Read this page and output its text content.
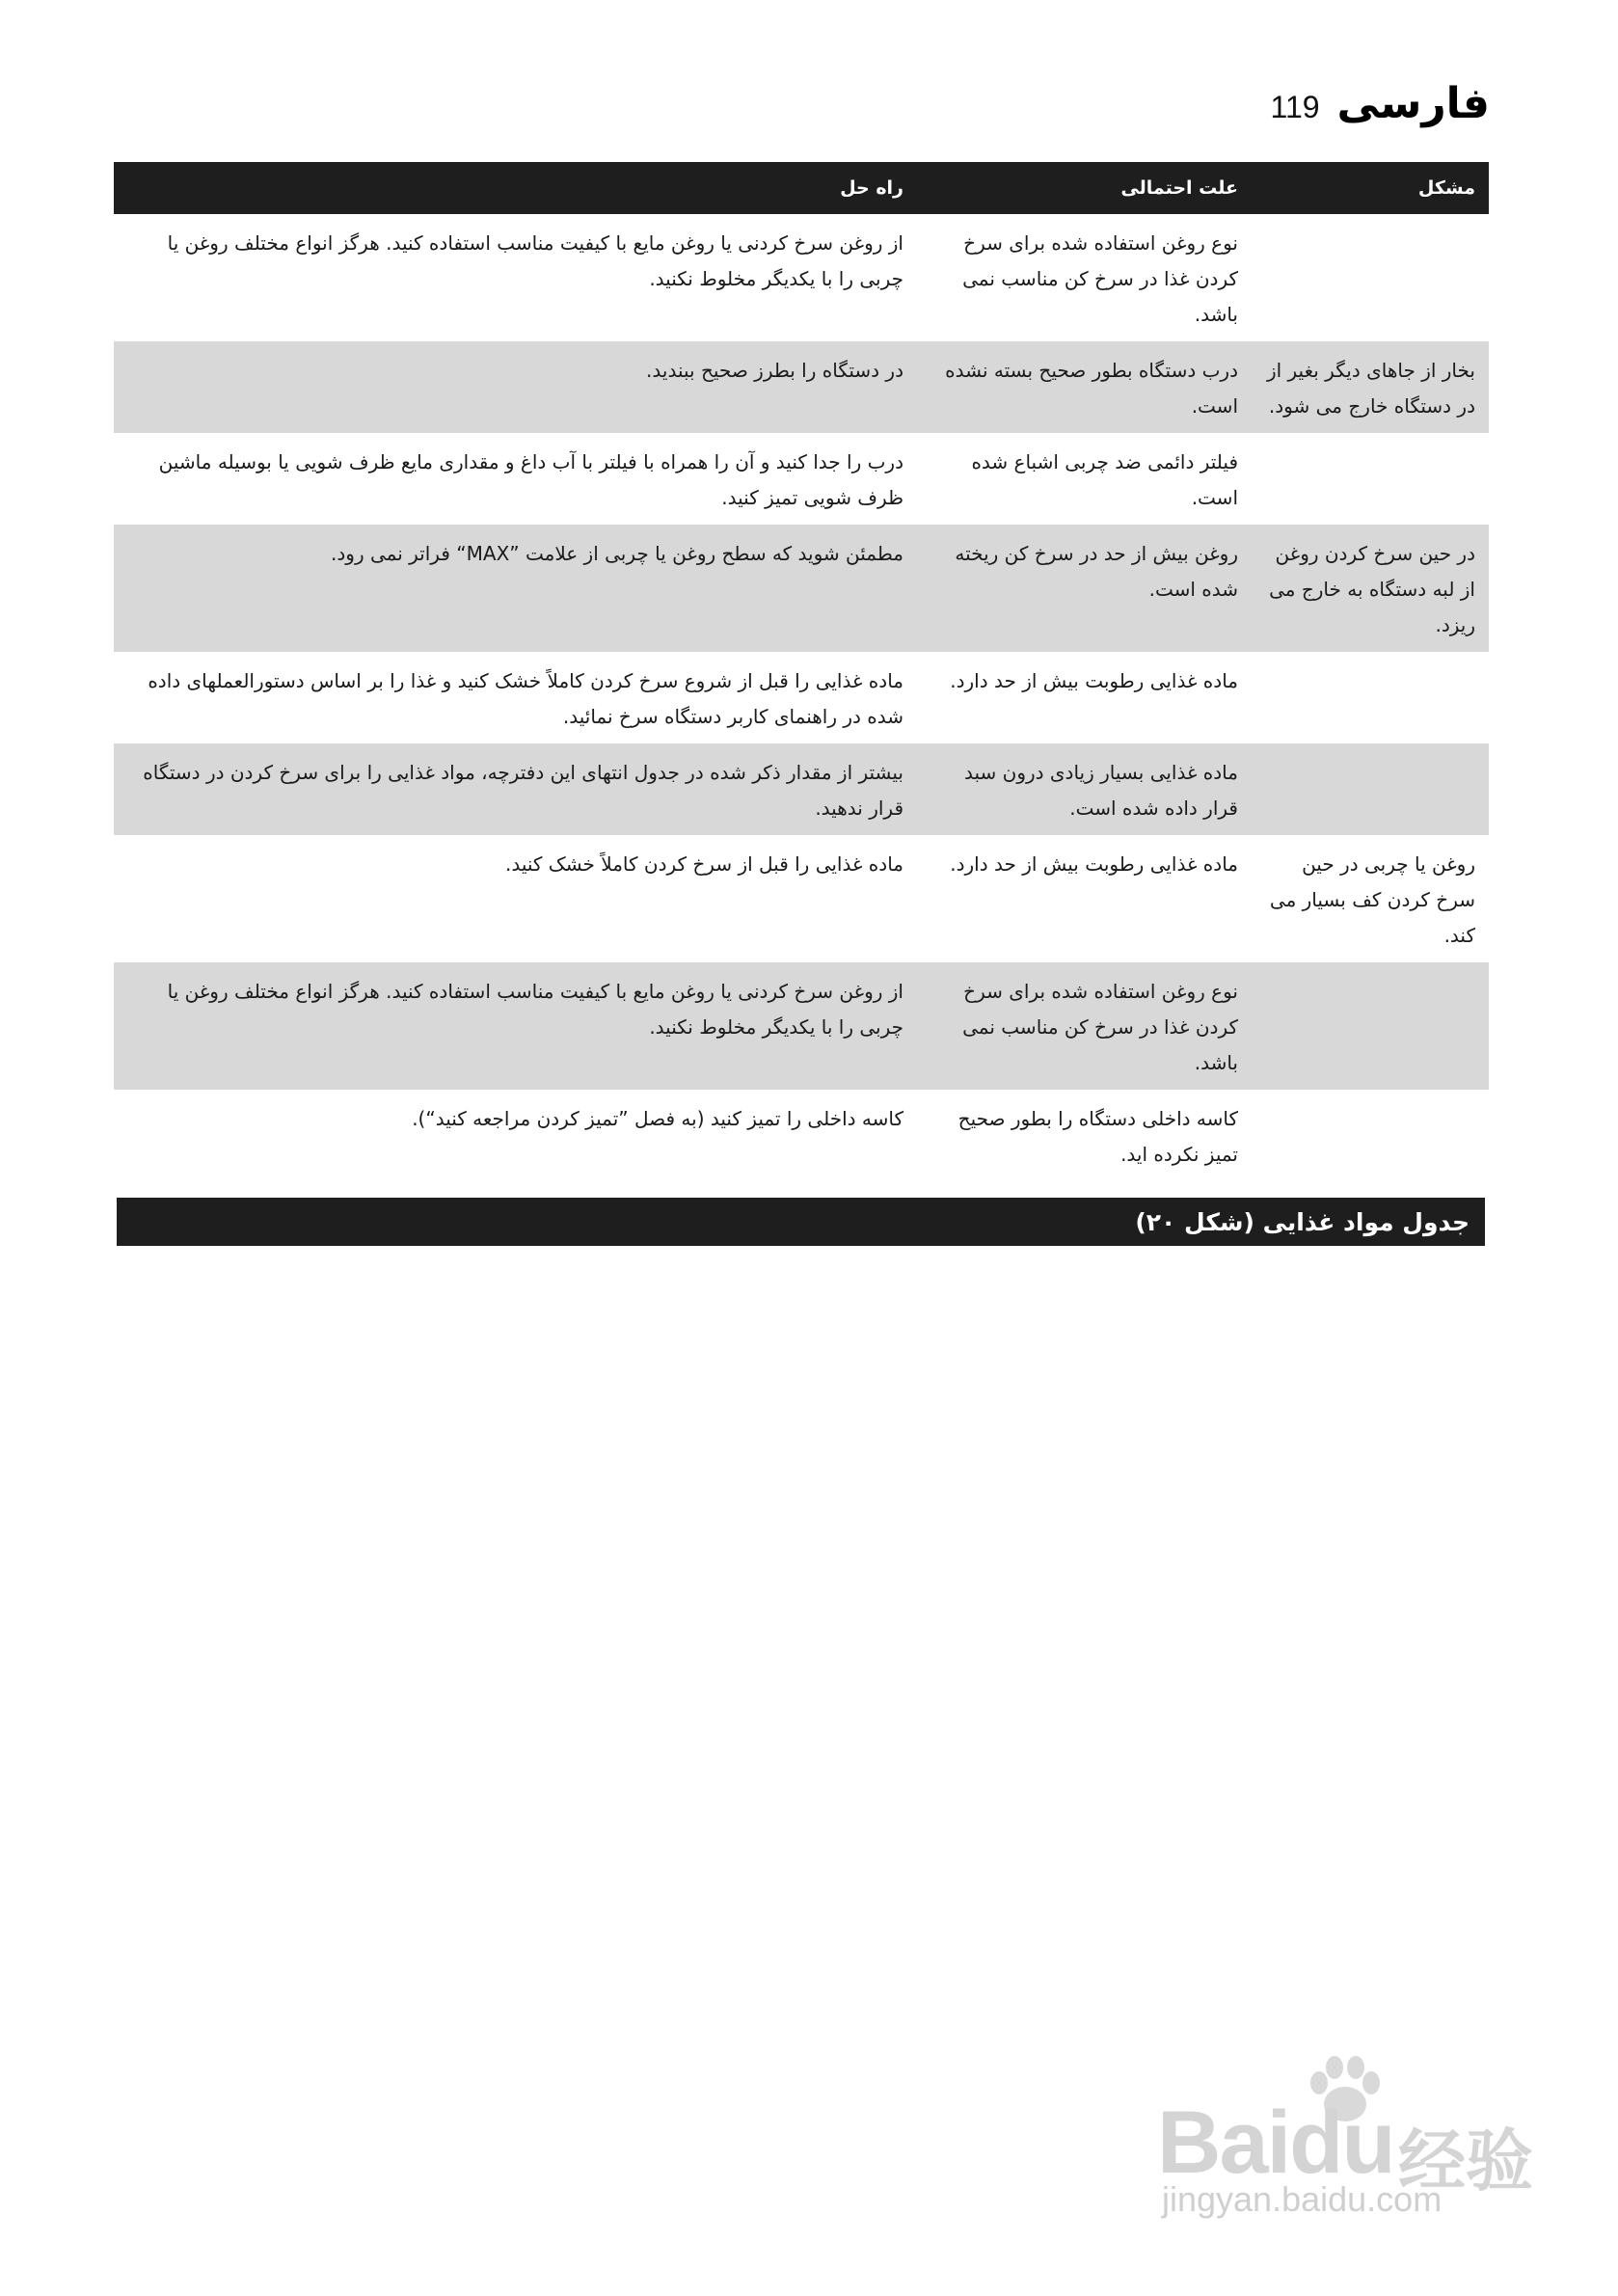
119 فارسی
مشکل	علت احتمالی	راه حل
	نوع روغن استفاده شده برای سرخ کردن غذا در سرخ کن مناسب نمی باشد.	از روغن سرخ کردنی یا روغن مایع با کیفیت مناسب استفاده کنید. هرگز انواع مختلف روغن یا چربی را با یکدیگر مخلوط نکنید.
بخار از جاهای دیگر بغیر از در دستگاه خارج می شود.	درب دستگاه بطور صحیح بسته نشده است.	در دستگاه را بطرز صحیح ببندید.
	فیلتر دائمی ضد چربی اشباع شده است.	درب را جدا کنید و آن را همراه با فیلتر با آب داغ و مقداری مایع ظرف شویی یا بوسیله ماشین ظرف شویی تمیز کنید.
در حین سرخ کردن روغن از لبه دستگاه به خارج می ریزد.	روغن بیش از حد در سرخ کن ریخته شده است.	مطمئن شوید که سطح روغن یا چربی از علامت ”MAX“ فراتر نمی رود.
	ماده غذایی رطوبت بیش از حد دارد.	ماده غذایی را قبل از شروع سرخ کردن کاملاً خشک کنید و غذا را بر اساس دستورالعملهای داده شده در راهنمای کاربر دستگاه سرخ نمائید.
	ماده غذایی بسیار زیادی درون سبد قرار داده شده است.	بیشتر از مقدار ذکر شده در جدول انتهای این دفترچه، مواد غذایی را برای سرخ کردن در دستگاه قرار ندهید.
روغن یا چربی در حین سرخ کردن کف بسیار می کند.	ماده غذایی رطوبت بیش از حد دارد.	ماده غذایی را قبل از سرخ کردن کاملاً خشک کنید.
	نوع روغن استفاده شده برای سرخ کردن غذا در سرخ کن مناسب نمی باشد.	از روغن سرخ کردنی یا روغن مایع با کیفیت مناسب استفاده کنید. هرگز انواع مختلف روغن یا چربی را با یکدیگر مخلوط نکنید.
	کاسه داخلی دستگاه را بطور صحیح تمیز نکرده اید.	کاسه داخلی را تمیز کنید (به فصل ”تمیز کردن مراجعه کنید“).
جدول مواد غذایی (شکل ۲۰)
Baidu 经验
jingyan.baidu.com
